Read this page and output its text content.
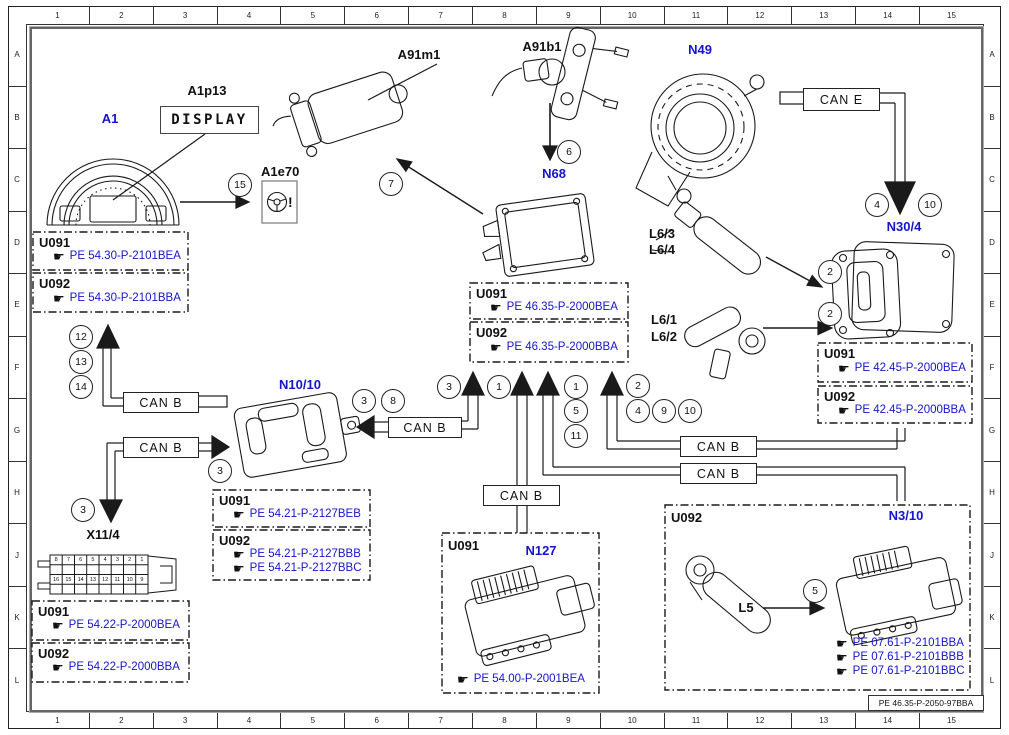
1	2	3	4	5	6	7	8	9	10	11	12	13	14	15
1	2	3	4	5	6	7	8	9	10	11	12	13	14	15
A
B
C
D
E
F
G
H
J
K
L
A
B
C
D
E
F
G
H
J
K
L
A1
A1p13
DISPLAY
A1e70
!
A91m1
A91b1	N49
N68
N30/4
L6/3
L6/4
L6/1
L6/2
N10/10
X11/4
N127
N3/10
L5
CAN E
CAN B
CAN B
CAN B
CAN B
CAN B
CAN B
15	7
6
4	10
2
2
12
13
14
3
3
3	8
3	1	1
5
11
2
4	9	10
5
U091
☛ PE 54.30-P-2101BEA
U092
☛ PE 54.30-P-2101BBA	U091
☛ PE 46.35-P-2000BEA
U092
☛ PE 46.35-P-2000BBA	U091
☛ PE 42.45-P-2000BEA
U092
☛ PE 42.45-P-2000BBA
U091
☛ PE 54.21-P-2127BEB
U092
☛ PE 54.21-P-2127BBB
☛ PE 54.21-P-2127BBC
U091
☛ PE 54.22-P-2000BEA
U092
☛ PE 54.22-P-2000BBA
U091
☛ PE 54.00-P-2001BEA
U092
☛ PE 07.61-P-2101BBA
☛ PE 07.61-P-2101BBB
☛ PE 07.61-P-2101BBC
8	7	6	5	4	3	2	1
16	15	14	13	12	11	10	9
PE 46.35-P-2050-97BBA
